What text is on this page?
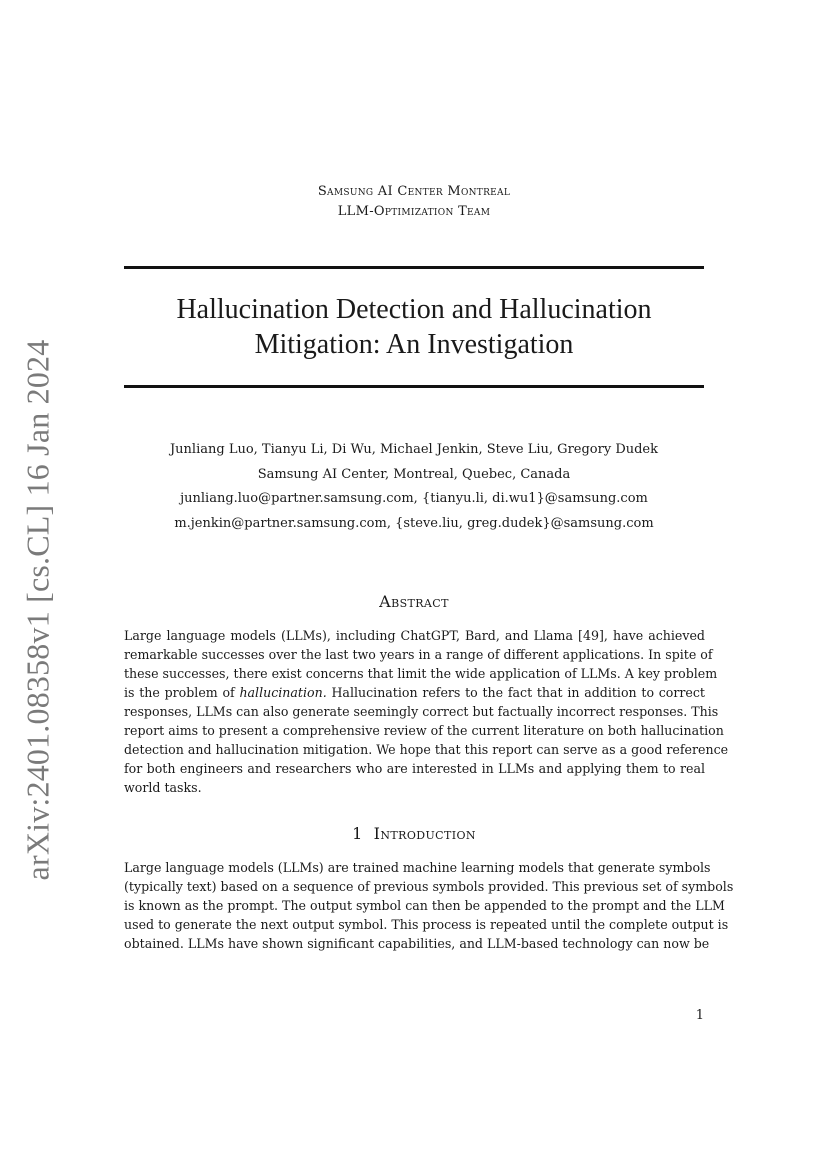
arXiv:2401.08358v1 [cs.CL] 16 Jan 2024
Samsung AI Center Montreal
LLM-Optimization Team
Hallucination Detection and Hallucination
Mitigation: An Investigation
Junliang Luo, Tianyu Li, Di Wu, Michael Jenkin, Steve Liu, Gregory Dudek
Samsung AI Center, Montreal, Quebec, Canada
junliang.luo@partner.samsung.com, {tianyu.li, di.wu1}@samsung.com
m.jenkin@partner.samsung.com, {steve.liu, greg.dudek}@samsung.com
Abstract
Large language models (LLMs), including ChatGPT, Bard, and Llama [49], have achieved
remarkable successes over the last two years in a range of different applications. In spite of
these successes, there exist concerns that limit the wide application of LLMs. A key problem
is the problem of hallucination. Hallucination refers to the fact that in addition to correct
responses, LLMs can also generate seemingly correct but factually incorrect responses. This
report aims to present a comprehensive review of the current literature on both hallucination
detection and hallucination mitigation. We hope that this report can serve as a good reference
for both engineers and researchers who are interested in LLMs and applying them to real
world tasks.
1 Introduction
Large language models (LLMs) are trained machine learning models that generate symbols
(typically text) based on a sequence of previous symbols provided. This previous set of symbols
is known as the prompt. The output symbol can then be appended to the prompt and the LLM
used to generate the next output symbol. This process is repeated until the complete output is
obtained. LLMs have shown significant capabilities, and LLM-based technology can now be
1
